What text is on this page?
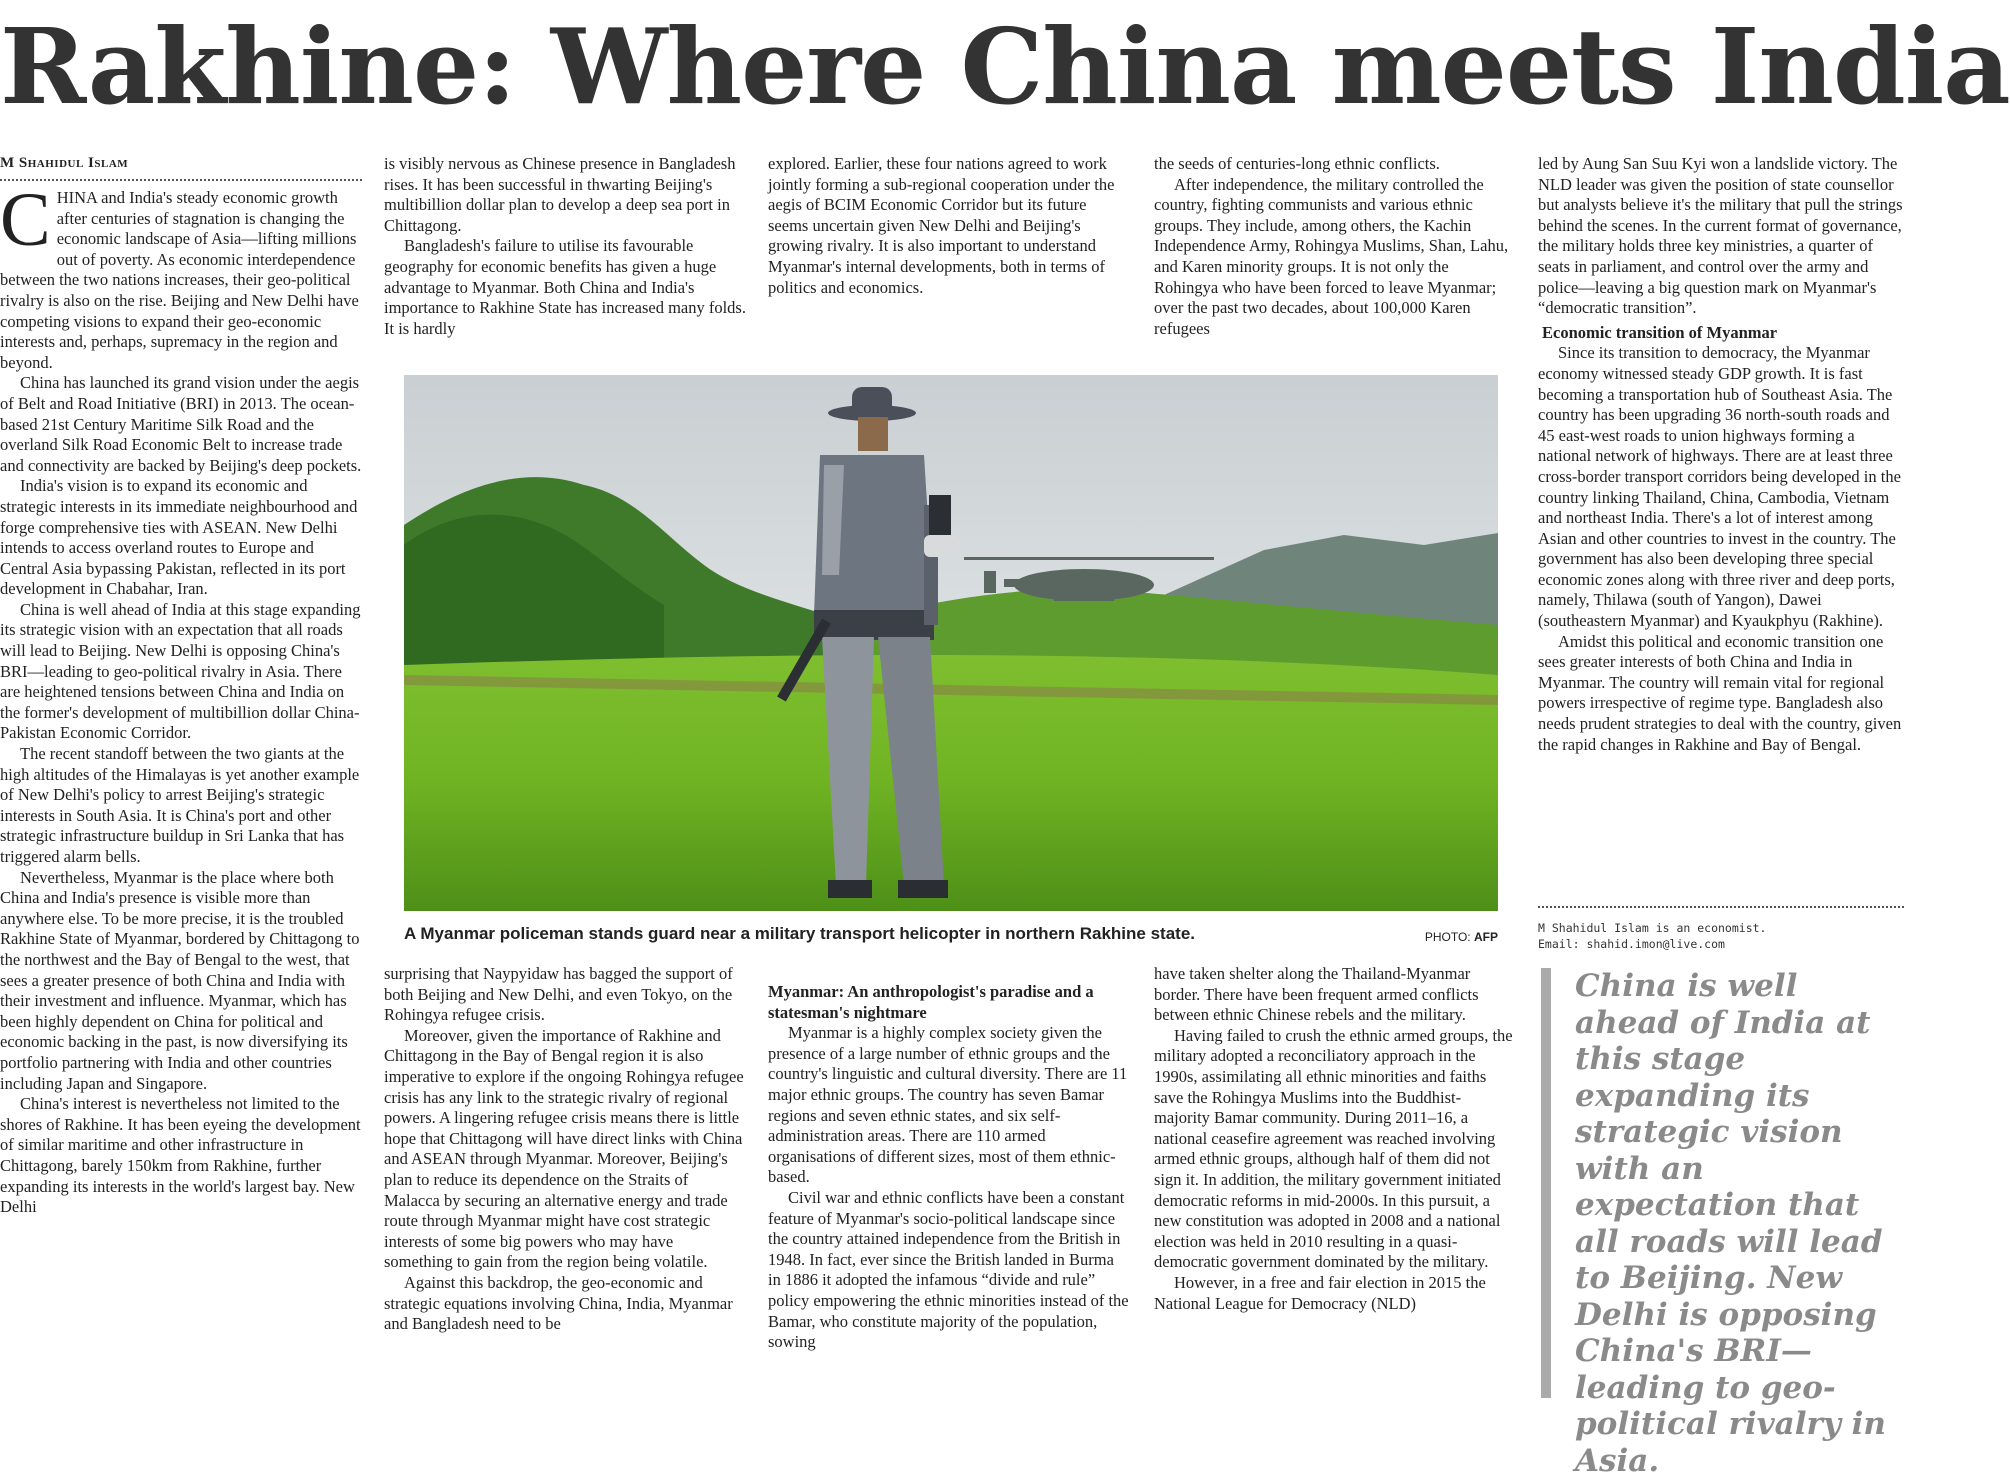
Rakhine: Where China meets India
M Shahidul Islam

CHINA and India's steady economic growth after centuries of stagnation is changing the economic landscape of Asia—lifting millions out of poverty. As economic interdependence between the two nations increases, their geo-political rivalry is also on the rise. Beijing and New Delhi have competing visions to expand their geo-economic interests and, perhaps, supremacy in the region and beyond.

China has launched its grand vision under the aegis of Belt and Road Initiative (BRI) in 2013. The ocean-based 21st Century Maritime Silk Road and the overland Silk Road Economic Belt to increase trade and connectivity are backed by Beijing's deep pockets.

India's vision is to expand its economic and strategic interests in its immediate neighbourhood and forge comprehensive ties with ASEAN. New Delhi intends to access overland routes to Europe and Central Asia bypassing Pakistan, reflected in its port development in Chabahar, Iran.

China is well ahead of India at this stage expanding its strategic vision with an expectation that all roads will lead to Beijing. New Delhi is opposing China's BRI—leading to geo-political rivalry in Asia. There are heightened tensions between China and India on the former's development of multibillion dollar China-Pakistan Economic Corridor.

The recent standoff between the two giants at the high altitudes of the Himalayas is yet another example of New Delhi's policy to arrest Beijing's strategic interests in South Asia. It is China's port and other strategic infrastructure buildup in Sri Lanka that has triggered alarm bells.

Nevertheless, Myanmar is the place where both China and India's presence is visible more than anywhere else. To be more precise, it is the troubled Rakhine State of Myanmar, bordered by Chittagong to the northwest and the Bay of Bengal to the west, that sees a greater presence of both China and India with their investment and influence. Myanmar, which has been highly dependent on China for political and economic backing in the past, is now diversifying its portfolio partnering with India and other countries including Japan and Singapore.

China's interest is nevertheless not limited to the shores of Rakhine. It has been eyeing the development of similar maritime and other infrastructure in Chittagong, barely 150km from Rakhine, further expanding its interests in the world's largest bay. New Delhi

is visibly nervous as Chinese presence in Bangladesh rises. It has been successful in thwarting Beijing's multibillion dollar plan to develop a deep sea port in Chittagong.

Bangladesh's failure to utilise its favourable geography for economic benefits has given a huge advantage to Myanmar. Both China and India's importance to Rakhine State has increased many folds. It is hardly

explored. Earlier, these four nations agreed to work jointly forming a sub-regional cooperation under the aegis of BCIM Economic Corridor but its future seems uncertain given New Delhi and Beijing's growing rivalry. It is also important to understand Myanmar's internal developments, both in terms of politics and economics.

the seeds of centuries-long ethnic conflicts.

After independence, the military controlled the country, fighting communists and various ethnic groups. They include, among others, the Kachin Independence Army, Rohingya Muslims, Shan, Lahu, and Karen minority groups. It is not only the Rohingya who have been forced to leave Myanmar; over the past two decades, about 100,000 Karen refugees

led by Aung San Suu Kyi won a landslide victory. The NLD leader was given the position of state counsellor but analysts believe it's the military that pull the strings behind the scenes. In the current format of governance, the military holds three key ministries, a quarter of seats in parliament, and control over the army and police—leaving a big question mark on Myanmar's “democratic transition”.

Economic transition of Myanmar

Since its transition to democracy, the Myanmar economy witnessed steady GDP growth. It is fast becoming a transportation hub of Southeast Asia. The country has been upgrading 36 north-south roads and 45 east-west roads to union highways forming a national network of highways. There are at least three cross-border transport corridors being developed in the country linking Thailand, China, Cambodia, Vietnam and northeast India. There's a lot of interest among Asian and other countries to invest in the country. The government has also been developing three special economic zones along with three river and deep ports, namely, Thilawa (south of Yangon), Dawei (southeastern Myanmar) and Kyaukphyu (Rakhine).

Amidst this political and economic transition one sees greater interests of both China and India in Myanmar. The country will remain vital for regional powers irrespective of regime type. Bangladesh also needs prudent strategies to deal with the country, given the rapid changes in Rakhine and Bay of Bengal.

A Myanmar policeman stands guard near a military transport helicopter in northern Rakhine state.	PHOTO: AFP

surprising that Naypyidaw has bagged the support of both Beijing and New Delhi, and even Tokyo, on the Rohingya refugee crisis.

Moreover, given the importance of Rakhine and Chittagong in the Bay of Bengal region it is also imperative to explore if the ongoing Rohingya refugee crisis has any link to the strategic rivalry of regional powers. A lingering refugee crisis means there is little hope that Chittagong will have direct links with China and ASEAN through Myanmar. Moreover, Beijing's plan to reduce its dependence on the Straits of Malacca by securing an alternative energy and trade route through Myanmar might have cost strategic interests of some big powers who may have something to gain from the region being volatile.

Against this backdrop, the geo-economic and strategic equations involving China, India, Myanmar and Bangladesh need to be

Myanmar: An anthropologist's paradise and a statesman's nightmare

Myanmar is a highly complex society given the presence of a large number of ethnic groups and the country's linguistic and cultural diversity. There are 11 major ethnic groups. The country has seven Bamar regions and seven ethnic states, and six self-administration areas. There are 110 armed organisations of different sizes, most of them ethnic-based.

Civil war and ethnic conflicts have been a constant feature of Myanmar's socio-political landscape since the country attained independence from the British in 1948. In fact, ever since the British landed in Burma in 1886 it adopted the infamous “divide and rule” policy empowering the ethnic minorities instead of the Bamar, who constitute majority of the population, sowing

have taken shelter along the Thailand-Myanmar border. There have been frequent armed conflicts between ethnic Chinese rebels and the military.

Having failed to crush the ethnic armed groups, the military adopted a reconciliatory approach in the 1990s, assimilating all ethnic minorities and faiths save the Rohingya Muslims into the Buddhist-majority Bamar community. During 2011–16, a national ceasefire agreement was reached involving armed ethnic groups, although half of them did not sign it. In addition, the military government initiated democratic reforms in mid-2000s. In this pursuit, a new constitution was adopted in 2008 and a national election was held in 2010 resulting in a quasi-democratic government dominated by the military.

However, in a free and fair election in 2015 the National League for Democracy (NLD)

M Shahidul Islam is an economist.
Email: shahid.imon@live.com
China is well ahead of India at this stage expanding its strategic vision with an expectation that all roads will lead to Beijing. New Delhi is opposing China's BRI—leading to geo-political rivalry in Asia.
